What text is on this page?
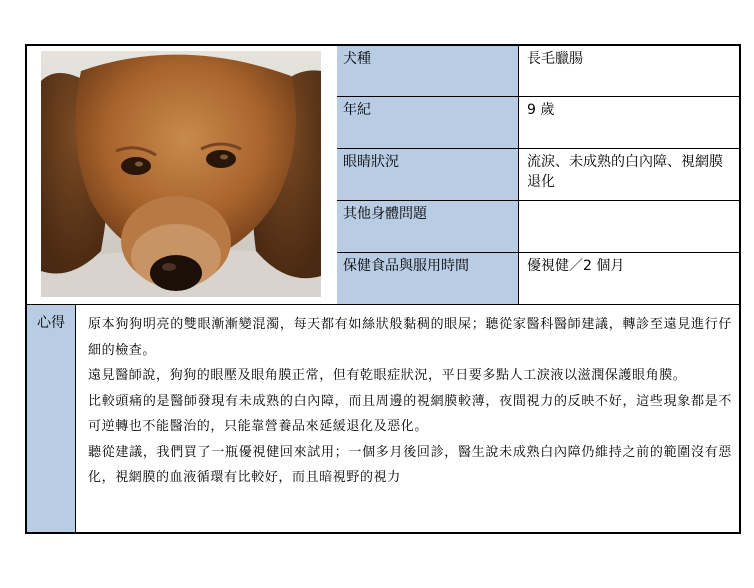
犬種	長毛臘腸
年紀	9 歲
眼睛狀況	流淚、未成熟的白內障、視網膜退化
其他身體問題
保健食品與服用時間	優視健／2 個月
心得	原本狗狗明亮的雙眼漸漸變混濁，每天都有如絲狀般黏稠的眼屎；聽從家醫科醫師建議，轉診至遠見進行仔細的檢查。

遠見醫師說，狗狗的眼壓及眼角膜正常，但有乾眼症狀況，平日要多點人工淚液以滋潤保護眼角膜。

比較頭痛的是醫師發現有未成熟的白內障，而且周邊的視網膜較薄，夜間視力的反映不好，這些現象都是不可逆轉也不能醫治的，只能靠營養品來延緩退化及惡化。

聽從建議，我們買了一瓶優視健回來試用；一個多月後回診，醫生說未成熟白內障仍維持之前的範圍沒有惡化，視網膜的血液循環有比較好，而且暗視野的視力
